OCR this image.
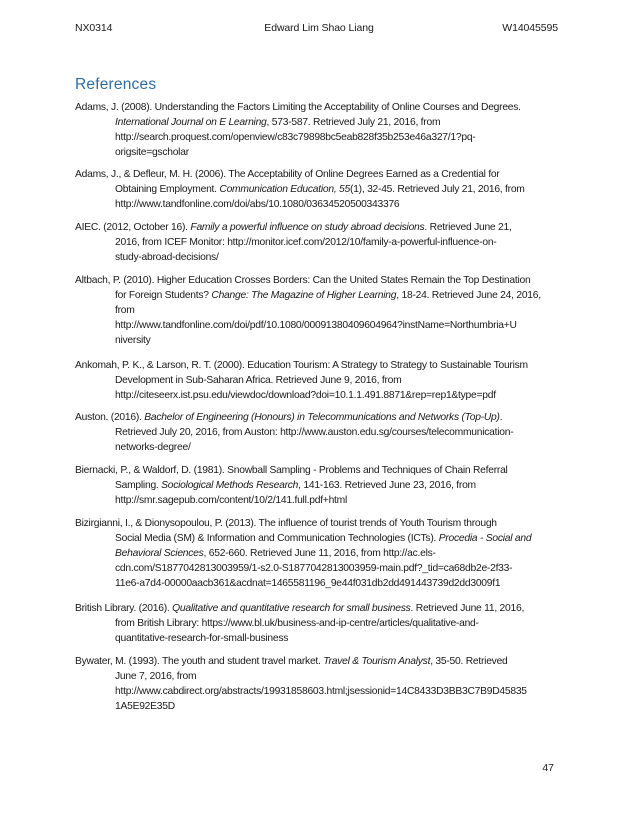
NX0314	Edward Lim Shao Liang	W14045595
References
Adams, J. (2008). Understanding the Factors Limiting the Acceptability of Online Courses and Degrees.
International Journal on E Learning, 573-587. Retrieved July 21, 2016, from
http://search.proquest.com/openview/c83c79898bc5eab828f35b253e46a327/1?pq-
origsite=gscholar
Adams, J., & Defleur, M. H. (2006). The Acceptability of Online Degrees Earned as a Credential for
Obtaining Employment. Communication Education, 55(1), 32-45. Retrieved July 21, 2016, from
http://www.tandfonline.com/doi/abs/10.1080/03634520500343376
AIEC. (2012, October 16). Family a powerful influence on study abroad decisions. Retrieved June 21,
2016, from ICEF Monitor: http://monitor.icef.com/2012/10/family-a-powerful-influence-on-
study-abroad-decisions/
Altbach, P. (2010). Higher Education Crosses Borders: Can the United States Remain the Top Destination
for Foreign Students? Change: The Magazine of Higher Learning, 18-24. Retrieved June 24, 2016,
from
http://www.tandfonline.com/doi/pdf/10.1080/00091380409604964?instName=Northumbria+U
niversity
Ankomah, P. K., & Larson, R. T. (2000). Education Tourism: A Strategy to Strategy to Sustainable Tourism
Development in Sub-Saharan Africa. Retrieved June 9, 2016, from
http://citeseerx.ist.psu.edu/viewdoc/download?doi=10.1.1.491.8871&rep=rep1&type=pdf
Auston. (2016). Bachelor of Engineering (Honours) in Telecommunications and Networks (Top-Up).
Retrieved July 20, 2016, from Auston: http://www.auston.edu.sg/courses/telecommunication-
networks-degree/
Biernacki, P., & Waldorf, D. (1981). Snowball Sampling - Problems and Techniques of Chain Referral
Sampling. Sociological Methods Research, 141-163. Retrieved June 23, 2016, from
http://smr.sagepub.com/content/10/2/141.full.pdf+html
Bizirgianni, I., & Dionysopoulou, P. (2013). The influence of tourist trends of Youth Tourism through
Social Media (SM) & Information and Communication Technologies (ICTs). Procedia - Social and
Behavioral Sciences, 652-660. Retrieved June 11, 2016, from http://ac.els-
cdn.com/S1877042813003959/1-s2.0-S1877042813003959-main.pdf?_tid=ca68db2e-2f33-
11e6-a7d4-00000aacb361&acdnat=1465581196_9e44f031db2dd491443739d2dd3009f1
British Library. (2016). Qualitative and quantitative research for small business. Retrieved June 11, 2016,
from British Library: https://www.bl.uk/business-and-ip-centre/articles/qualitative-and-
quantitative-research-for-small-business
Bywater, M. (1993). The youth and student travel market. Travel & Tourism Analyst, 35-50. Retrieved
June 7, 2016, from
http://www.cabdirect.org/abstracts/19931858603.html;jsessionid=14C8433D3BB3C7B9D45835
1A5E92E35D
47
